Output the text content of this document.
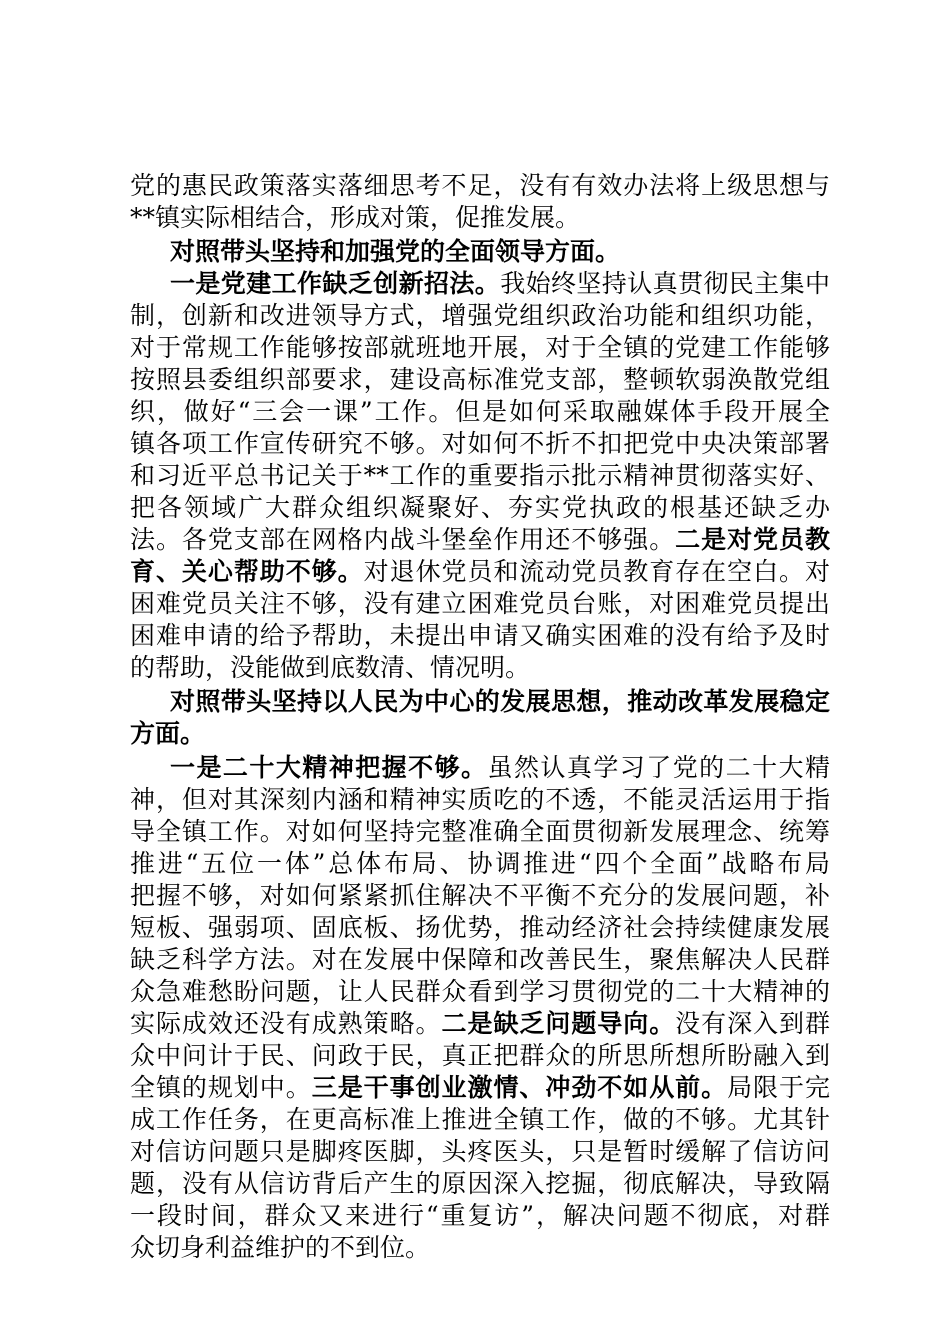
党的惠民政策落实落细思考不足，没有有效办法将上级思想与
**镇实际相结合，形成对策，促推发展。
对照带头坚持和加强党的全面领导方面。
一是党建工作缺乏创新招法。我始终坚持认真贯彻民主集中
制，创新和改进领导方式，增强党组织政治功能和组织功能，
对于常规工作能够按部就班地开展，对于全镇的党建工作能够
按照县委组织部要求，建设高标准党支部，整顿软弱涣散党组
织，做好“三会一课”工作。但是如何采取融媒体手段开展全
镇各项工作宣传研究不够。对如何不折不扣把党中央决策部署
和习近平总书记关于**工作的重要指示批示精神贯彻落实好、
把各领域广大群众组织凝聚好、夯实党执政的根基还缺乏办
法。各党支部在网格内战斗堡垒作用还不够强。二是对党员教
育、关心帮助不够。对退休党员和流动党员教育存在空白。对
困难党员关注不够，没有建立困难党员台账，对困难党员提出
困难申请的给予帮助，未提出申请又确实困难的没有给予及时
的帮助，没能做到底数清、情况明。
对照带头坚持以人民为中心的发展思想，推动改革发展稳定
方面。
一是二十大精神把握不够。虽然认真学习了党的二十大精
神，但对其深刻内涵和精神实质吃的不透，不能灵活运用于指
导全镇工作。对如何坚持完整准确全面贯彻新发展理念、统筹
推进“五位一体”总体布局、协调推进“四个全面”战略布局
把握不够，对如何紧紧抓住解决不平衡不充分的发展问题，补
短板、强弱项、固底板、扬优势，推动经济社会持续健康发展
缺乏科学方法。对在发展中保障和改善民生，聚焦解决人民群
众急难愁盼问题，让人民群众看到学习贯彻党的二十大精神的
实际成效还没有成熟策略。二是缺乏问题导向。没有深入到群
众中问计于民、问政于民，真正把群众的所思所想所盼融入到
全镇的规划中。三是干事创业激情、冲劲不如从前。局限于完
成工作任务，在更高标准上推进全镇工作，做的不够。尤其针
对信访问题只是脚疼医脚，头疼医头，只是暂时缓解了信访问
题，没有从信访背后产生的原因深入挖掘，彻底解决，导致隔
一段时间，群众又来进行“重复访”，解决问题不彻底，对群
众切身利益维护的不到位。
